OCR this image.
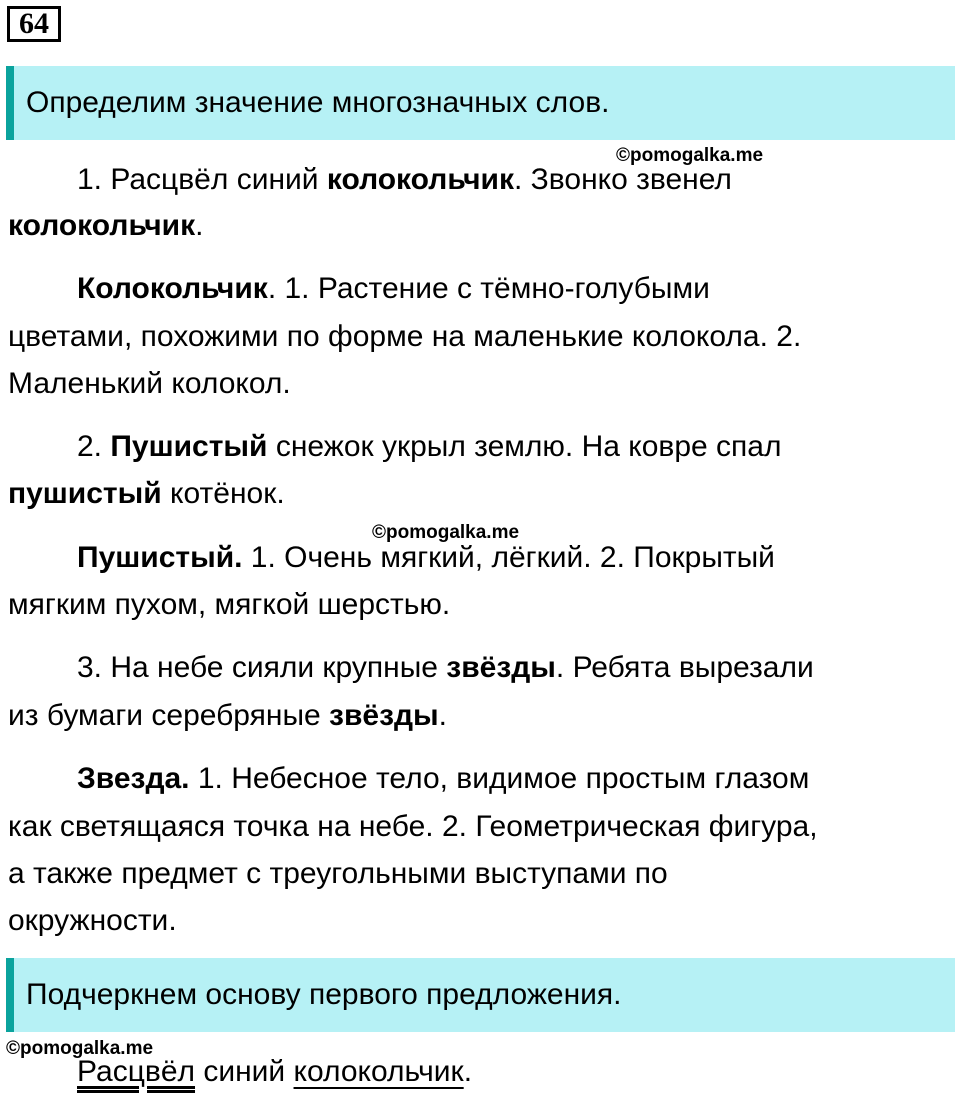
64
Определим значение многозначных слов.
©pomogalka.me
1. Расцвёл синий колокольчик. Звонко звенел
колокольчик.
Колокольчик. 1. Растение с тёмно-голубыми
цветами, похожими по форме на маленькие колокола. 2.
Маленький колокол.
2. Пушистый снежок укрыл землю. На ковре спал
пушистый котёнок.
©pomogalka.me
Пушистый. 1. Очень мягкий, лёгкий. 2. Покрытый
мягким пухом, мягкой шерстью.
3. На небе сияли крупные звёзды. Ребята вырезали
из бумаги серебряные звёзды.
Звезда. 1. Небесное тело, видимое простым глазом
как светящаяся точка на небе. 2. Геометрическая фигура,
а также предмет с треугольными выступами по
окружности.
Подчеркнем основу первого предложения.
©pomogalka.me
Расцвёл синий колокольчик.
